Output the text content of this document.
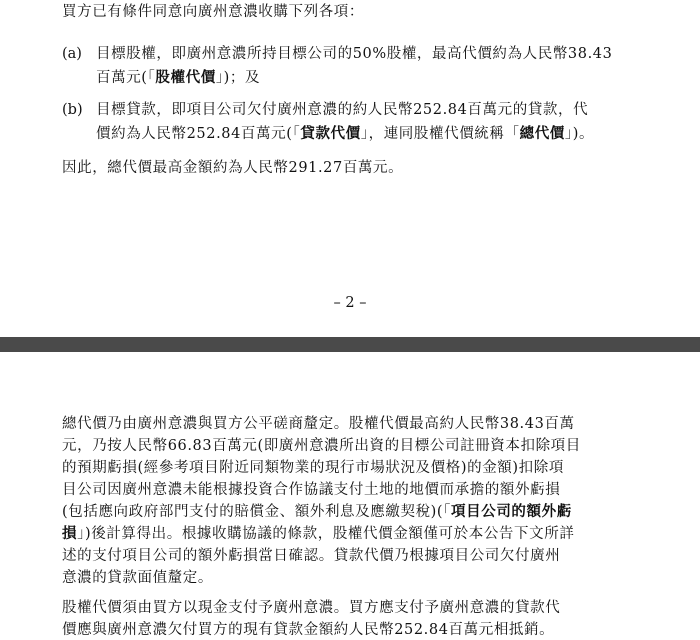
買方已有條件同意向廣州意濃收購下列各項：
(a) 目標股權，即廣州意濃所持目標公司的50%股權，最高代價約為人民幣38.43
百萬元(「股權代價」)；及
(b) 目標貸款，即項目公司欠付廣州意濃的約人民幣252.84百萬元的貸款，代
價約為人民幣252.84百萬元(「貸款代價」，連同股權代價統稱「總代價」)。
因此，總代價最高金額約為人民幣291.27百萬元。
– 2 –
總代價乃由廣州意濃與買方公平磋商釐定。股權代價最高約人民幣38.43百萬
元，乃按人民幣66.83百萬元(即廣州意濃所出資的目標公司註冊資本扣除項目
的預期虧損(經參考項目附近同類物業的現行市場狀況及價格)的金額)扣除項
目公司因廣州意濃未能根據投資合作協議支付土地的地價而承擔的額外虧損
(包括應向政府部門支付的賠償金、額外利息及應繳契稅)(「項目公司的額外虧
損」)後計算得出。根據收購協議的條款，股權代價金額僅可於本公告下文所詳
述的支付項目公司的額外虧損當日確認。貸款代價乃根據項目公司欠付廣州
意濃的貸款面值釐定。
股權代價須由買方以現金支付予廣州意濃。買方應支付予廣州意濃的貸款代
價應與廣州意濃欠付買方的現有貸款金額約人民幣252.84百萬元相抵銷。
